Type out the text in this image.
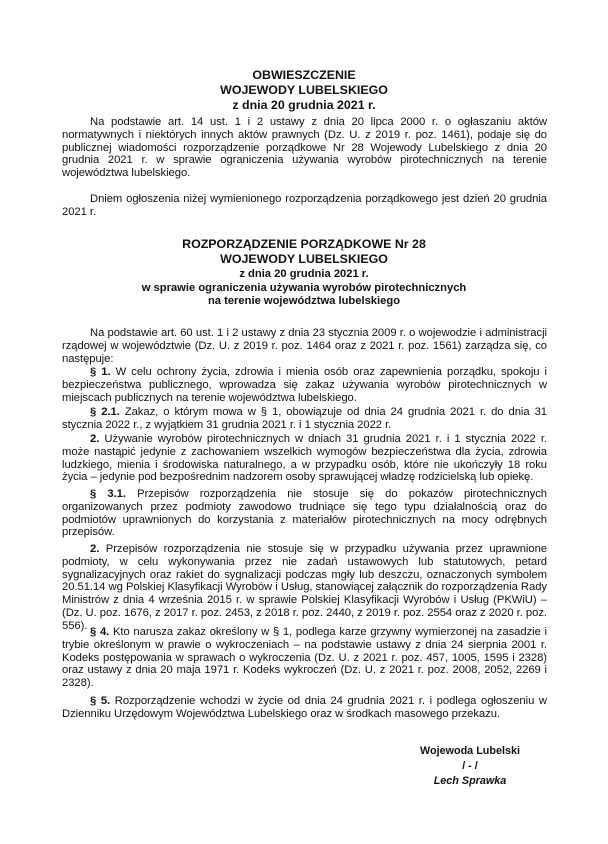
OBWIESZCZENIE
WOJEWODY LUBELSKIEGO
z dnia 20 grudnia 2021 r.

Na podstawie art. 14 ust. 1 i 2 ustawy z dnia 20 lipca 2000 r. o ogłaszaniu aktów normatywnych i niektórych innych aktów prawnych (Dz. U. z 2019 r. poz. 1461), podaje się do publicznej wiadomości rozporządzenie porządkowe Nr 28 Wojewody Lubelskiego z dnia 20 grudnia 2021 r. w sprawie ograniczenia używania wyrobów pirotechnicznych na terenie województwa lubelskiego.

Dniem ogłoszenia niżej wymienionego rozporządzenia porządkowego jest dzień 20 grudnia 2021 r.

ROZPORZĄDZENIE PORZĄDKOWE Nr 28
WOJEWODY LUBELSKIEGO
z dnia 20 grudnia 2021 r.
w sprawie ograniczenia używania wyrobów pirotechnicznych
na terenie województwa lubelskiego

Na podstawie art. 60 ust. 1 i 2 ustawy z dnia 23 stycznia 2009 r. o wojewodzie i administracji rządowej w województwie (Dz. U. z 2019 r. poz. 1464 oraz z 2021 r. poz. 1561) zarządza się, co następuje:

§ 1. W celu ochrony życia, zdrowia i mienia osób oraz zapewnienia porządku, spokoju i bezpieczeństwa publicznego, wprowadza się zakaz używania wyrobów pirotechnicznych w miejscach publicznych na terenie województwa lubelskiego.

§ 2.1. Zakaz, o którym mowa w § 1, obowiązuje od dnia 24 grudnia 2021 r. do dnia 31 stycznia 2022 r., z wyjątkiem 31 grudnia 2021 r. i 1 stycznia 2022 r.

2. Używanie wyrobów pirotechnicznych w dniach 31 grudnia 2021 r. i 1 stycznia 2022 r. może nastąpić jedynie z zachowaniem wszelkich wymogów bezpieczeństwa dla życia, zdrowia ludzkiego, mienia i środowiska naturalnego, a w przypadku osób, które nie ukończyły 18 roku życia – jedynie pod bezpośrednim nadzorem osoby sprawującej władzę rodzicielską lub opiekę.

§ 3.1. Przepisów rozporządzenia nie stosuje się do pokazów pirotechnicznych organizowanych przez podmioty zawodowo trudniące się tego typu działalnością oraz do podmiotów uprawnionych do korzystania z materiałów pirotechnicznych na mocy odrębnych przepisów.

2. Przepisów rozporządzenia nie stosuje się w przypadku używania przez uprawnione podmioty, w celu wykonywania przez nie zadań ustawowych lub statutowych, petard sygnalizacyjnych oraz rakiet do sygnalizacji podczas mgły lub deszczu, oznaczonych symbolem 20.51.14 wg Polskiej Klasyfikacji Wyrobów i Usług, stanowiącej załącznik do rozporządzenia Rady Ministrów z dnia 4 września 2015 r. w sprawie Polskiej Klasyfikacji Wyrobów i Usług (PKWiU) – (Dz. U. poz. 1676, z 2017 r. poz. 2453, z 2018 r. poz. 2440, z 2019 r. poz. 2554 oraz z 2020 r. poz. 556).

§ 4. Kto narusza zakaz określony w § 1, podlega karze grzywny wymierzonej na zasadzie i trybie określonym w prawie o wykroczeniach – na podstawie ustawy z dnia 24 sierpnia 2001 r. Kodeks postępowania w sprawach o wykroczenia (Dz. U. z 2021 r. poz. 457, 1005, 1595 i 2328) oraz ustawy z dnia 20 maja 1971 r. Kodeks wykroczeń (Dz. U. z 2021 r. poz. 2008, 2052, 2269 i 2328).

§ 5. Rozporządzenie wchodzi w życie od dnia 24 grudnia 2021 r. i podlega ogłoszeniu w Dzienniku Urzędowym Województwa Lubelskiego oraz w środkach masowego przekazu.

Wojewoda Lubelski
/ - /
Lech Sprawka
